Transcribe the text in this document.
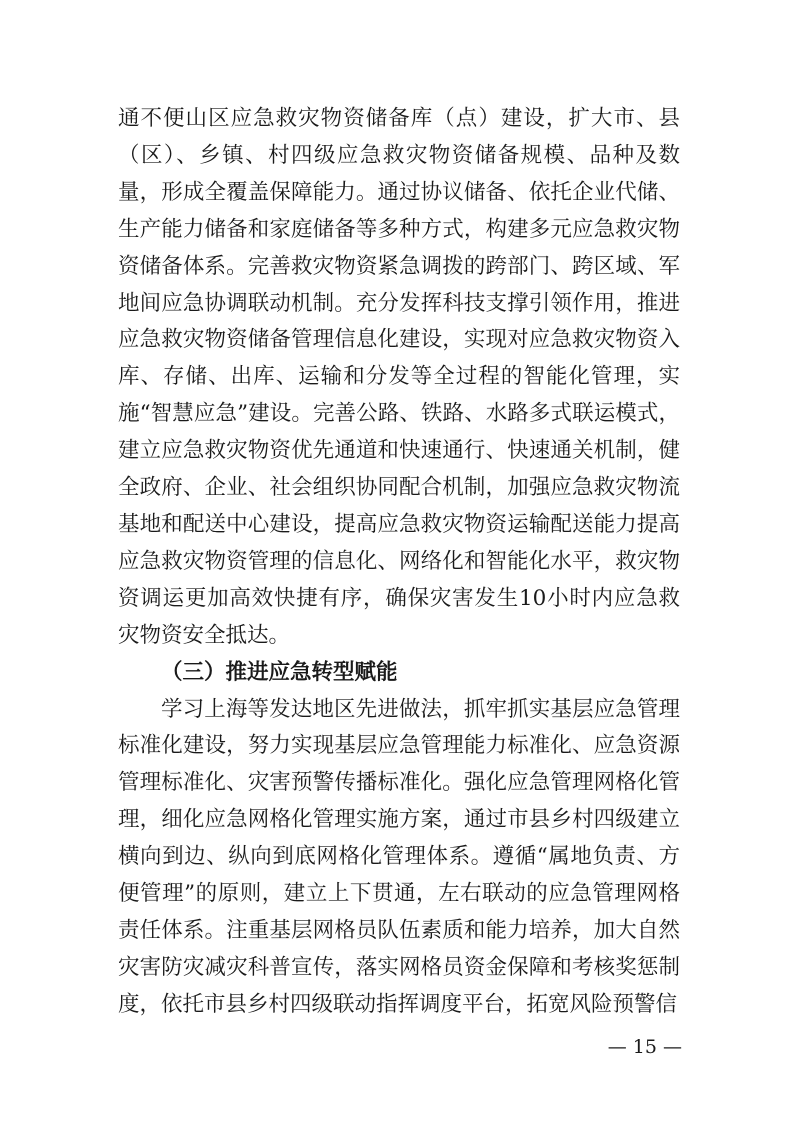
通不便山区应急救灾物资储备库（点）建设，扩大市、县（区）、乡镇、村四级应急救灾物资储备规模、品种及数量，形成全覆盖保障能力。通过协议储备、依托企业代储、生产能力储备和家庭储备等多种方式，构建多元应急救灾物资储备体系。完善救灾物资紧急调拨的跨部门、跨区域、军地间应急协调联动机制。充分发挥科技支撑引领作用，推进应急救灾物资储备管理信息化建设，实现对应急救灾物资入库、存储、出库、运输和分发等全过程的智能化管理，实施“智慧应急”建设。完善公路、铁路、水路多式联运模式，建立应急救灾物资优先通道和快速通行、快速通关机制，健全政府、企业、社会组织协同配合机制，加强应急救灾物流基地和配送中心建设，提高应急救灾物资运输配送能力提高应急救灾物资管理的信息化、网络化和智能化水平，救灾物资调运更加高效快捷有序，确保灾害发生10小时内应急救灾物资安全抵达。

（三）推进应急转型赋能

学习上海等发达地区先进做法，抓牢抓实基层应急管理标准化建设，努力实现基层应急管理能力标准化、应急资源管理标准化、灾害预警传播标准化。强化应急管理网格化管理，细化应急网格化管理实施方案，通过市县乡村四级建立横向到边、纵向到底网格化管理体系。遵循“属地负责、方便管理”的原则，建立上下贯通，左右联动的应急管理网格责任体系。注重基层网格员队伍素质和能力培养，加大自然灾害防灾减灾科普宣传，落实网格员资金保障和考核奖惩制度，依托市县乡村四级联动指挥调度平台，拓宽风险预警信

— 15 —
